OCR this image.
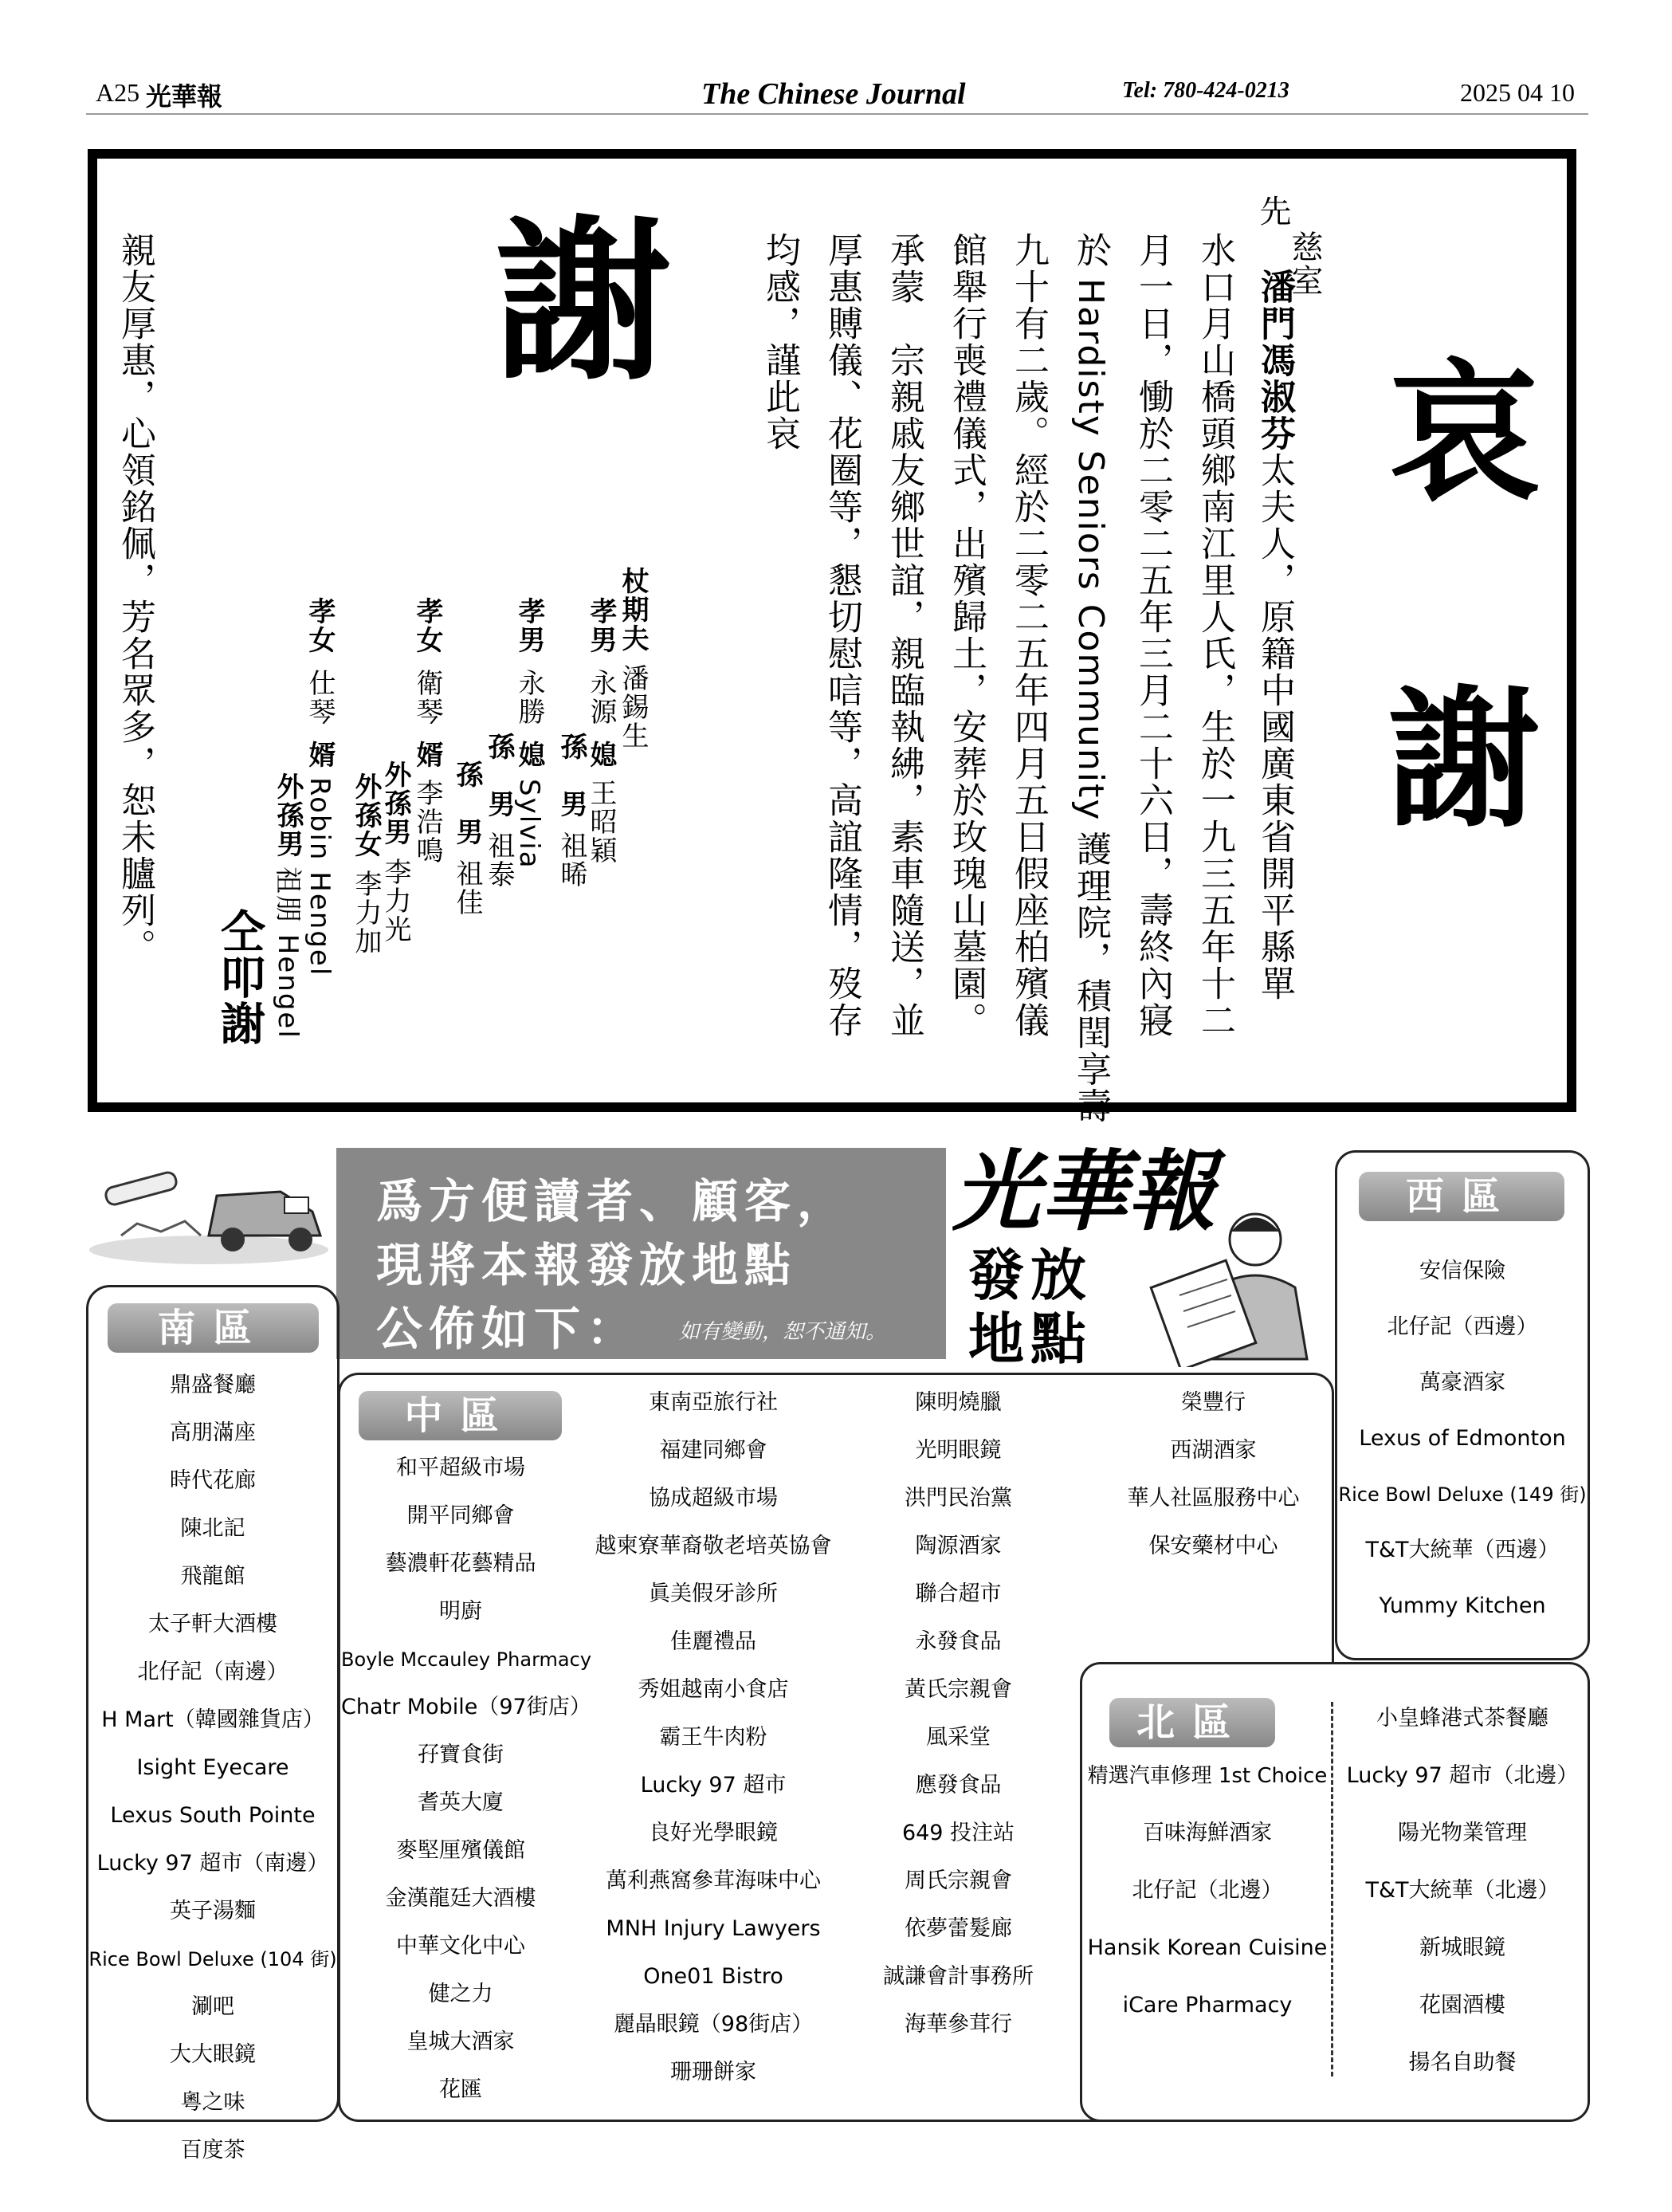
A25 光華報	The Chinese Journal	Tel: 780-424-0213	2025 04 10
哀
謝
先
慈室
潘門馮淑芬太夫人，原籍中國廣東省開平縣單
水口月山橋頭鄉南江里人氏，生於一九三五年十二
月一日，慟於二零二五年三月二十六日，壽終內寢
於Hardisty Seniors Community護理院，積閏享壽
九十有二歲。經於二零二五年四月五日假座柏殯儀
館舉行喪禮儀式，出殯歸土，安葬於玫瑰山墓園。
承蒙　宗親戚友鄉世誼，親臨執紼，素車隨送，並
厚惠賻儀、花圈等，懇切慰唁等，高誼隆情，歿存
均感，謹此哀
謝
杖期夫潘錫生
孝男永源媳王昭穎
孫　男祖晞
孝男永勝媳Sylvia
孫　男祖泰
孫　男祖佳
孝女衛琴婿李浩鳴
外孫男李力光
外孫女李力加
孝女仕琴婿Robin Hengel
外孫男祖朋 Hengel
仝叩謝
親友厚惠，心領銘佩，芳名眾多，恕未臚列。
爲方便讀者、顧客，
現將本報發放地點
公佈如下： 如有變動，恕不通知。
光華報
發放
地點
南區
鼎盛餐廳
高朋滿座
時代花廊
陳北記
飛龍館
太子軒大酒樓
北仔記（南邊）
H Mart（韓國雜貨店）
Isight Eyecare
Lexus South Pointe
Lucky 97 超市（南邊）
英子湯麵
Rice Bowl Deluxe (104 街)
涮吧
大大眼鏡
粵之味
百度茶
中區
和平超級市場
開平同鄉會
藝濃軒花藝精品
明廚
Boyle Mccauley Pharmacy
Chatr Mobile（97街店）
孖寶食街
耆英大廈
麥堅厘殯儀館
金漢龍廷大酒樓
中華文化中心
健之力
皇城大酒家
花匯
東南亞旅行社
福建同鄉會
協成超級市場
越柬寮華裔敬老培英協會
眞美假牙診所
佳麗禮品
秀姐越南小食店
霸王牛肉粉
Lucky 97 超市
良好光學眼鏡
萬利燕窩參茸海味中心
MNH Injury Lawyers
One01 Bistro
麗晶眼鏡（98街店）
珊珊餅家
陳明燒臘
光明眼鏡
洪門民治黨
陶源酒家
聯合超市
永發食品
黃氏宗親會
風采堂
應發食品
649 投注站
周氏宗親會
依夢蕾髮廊
誠謙會計事務所
海華參茸行
榮豐行
西湖酒家
華人社區服務中心
保安藥材中心
西區
安信保險
北仔記（西邊）
萬豪酒家
Lexus of Edmonton
Rice Bowl Deluxe (149 街)
T&T大統華（西邊）
Yummy Kitchen
北區
精選汽車修理 1st Choice
百味海鮮酒家
北仔記（北邊）
Hansik Korean Cuisine
iCare Pharmacy
小皇蜂港式茶餐廳
Lucky 97 超市（北邊）
陽光物業管理
T&T大統華（北邊）
新城眼鏡
花園酒樓
揚名自助餐
